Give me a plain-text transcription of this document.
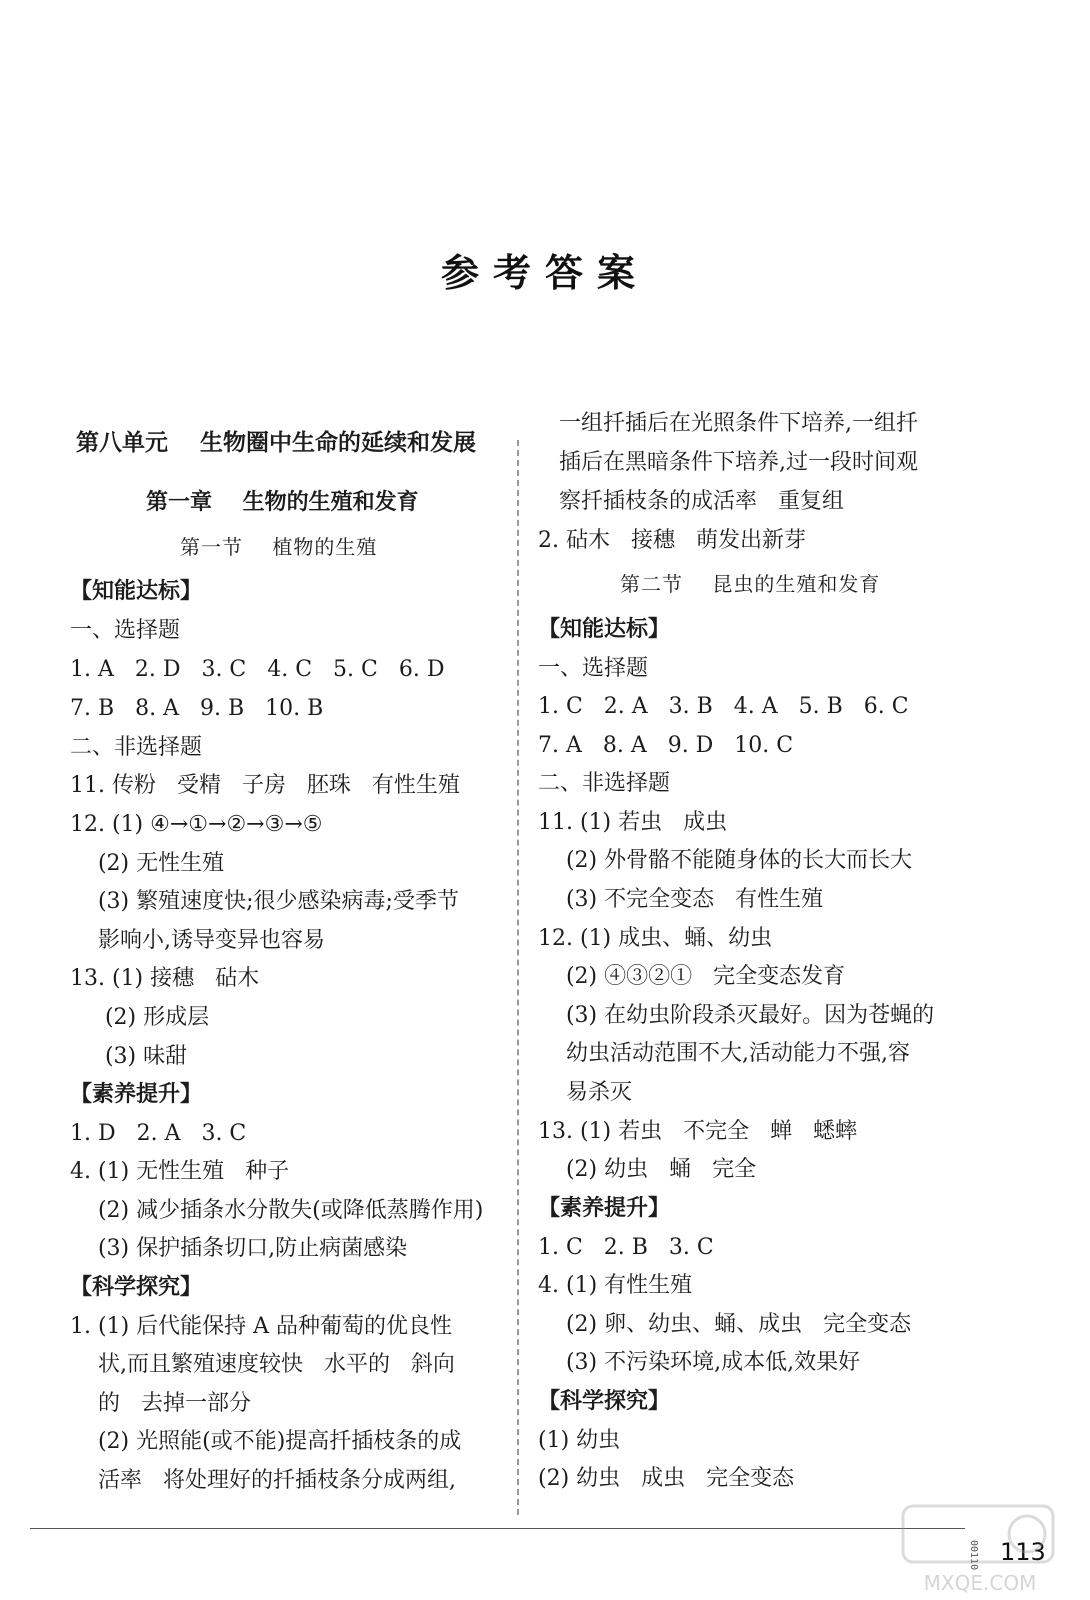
参考答案
第八单元    生物圈中生命的延续和发展
第一章    生物的生殖和发育
第一节    植物的生殖
【知能达标】
一、选择题
1. A   2. D   3. C   4. C   5. C   6. D
7. B   8. A   9. B   10. B
二、非选择题
11. 传粉   受精   子房   胚珠   有性生殖
12. (1) ④→①→②→③→⑤
(2) 无性生殖
(3) 繁殖速度快;很少感染病毒;受季节
影响小,诱导变异也容易
13. (1) 接穗   砧木
(2) 形成层
(3) 味甜
【素养提升】
1. D   2. A   3. C
4. (1) 无性生殖   种子
(2) 减少插条水分散失(或降低蒸腾作用)
(3) 保护插条切口,防止病菌感染
【科学探究】
1. (1) 后代能保持 A 品种葡萄的优良性
状,而且繁殖速度较快   水平的   斜向
的   去掉一部分
(2) 光照能(或不能)提高扦插枝条的成
活率   将处理好的扦插枝条分成两组,
一组扦插后在光照条件下培养,一组扦
插后在黑暗条件下培养,过一段时间观
察扦插枝条的成活率   重复组
2. 砧木   接穗   萌发出新芽
第二节    昆虫的生殖和发育
【知能达标】
一、选择题
1. C   2. A   3. B   4. A   5. B   6. C
7. A   8. A   9. D   10. C
二、非选择题
11. (1) 若虫   成虫
(2) 外骨骼不能随身体的长大而长大
(3) 不完全变态   有性生殖
12. (1) 成虫、蛹、幼虫
(2) ④③②①   完全变态发育
(3) 在幼虫阶段杀灭最好。因为苍蝇的
幼虫活动范围不大,活动能力不强,容
易杀灭
13. (1) 若虫   不完全   蝉   蟋蟀
(2) 幼虫   蛹   完全
【素养提升】
1. C   2. B   3. C
4. (1) 有性生殖
(2) 卵、幼虫、蛹、成虫   完全变态
(3) 不污染环境,成本低,效果好
【科学探究】
(1) 幼虫
(2) 幼虫   成虫   完全变态
00110 113
MXQE.COM
